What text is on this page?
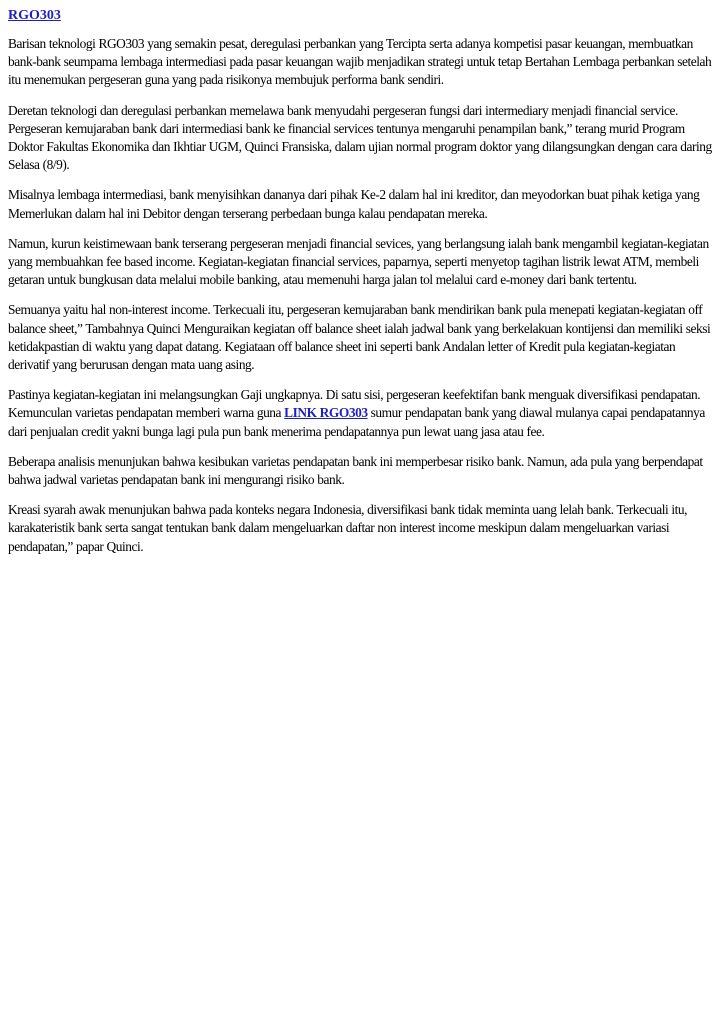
RGO303

Barisan teknologi RGO303 yang semakin pesat, deregulasi perbankan yang Tercipta serta adanya kompetisi pasar keuangan, membuatkan bank-bank seumpama lembaga intermediasi pada pasar keuangan wajib menjadikan strategi untuk tetap Bertahan Lembaga perbankan setelah itu menemukan pergeseran guna yang pada risikonya membujuk performa bank sendiri.

Deretan teknologi dan deregulasi perbankan memelawa bank menyudahi pergeseran fungsi dari intermediary menjadi financial service. Pergeseran kemujaraban bank dari intermediasi bank ke financial services tentunya mengaruhi penampilan bank,” terang murid Program Doktor Fakultas Ekonomika dan Ikhtiar UGM, Quinci Fransiska, dalam ujian normal program doktor yang dilangsungkan dengan cara daring Selasa (8/9).

Misalnya lembaga intermediasi, bank menyisihkan dananya dari pihak Ke-2 dalam hal ini kreditor, dan meyodorkan buat pihak ketiga yang Memerlukan dalam hal ini Debitor dengan terserang perbedaan bunga kalau pendapatan mereka.

Namun, kurun keistimewaan bank terserang pergeseran menjadi financial sevices, yang berlangsung ialah bank mengambil kegiatan-kegiatan yang membuahkan fee based income. Kegiatan-kegiatan financial services, paparnya, seperti menyetop tagihan listrik lewat ATM, membeli getaran untuk bungkusan data melalui mobile banking, atau memenuhi harga jalan tol melalui card e-money dari bank tertentu.

Semuanya yaitu hal non-interest income. Terkecuali itu, pergeseran kemujaraban bank mendirikan bank pula menepati kegiatan-kegiatan off balance sheet,” Tambahnya Quinci Menguraikan kegiatan off balance sheet ialah jadwal bank yang berkelakuan kontijensi dan memiliki seksi ketidakpastian di waktu yang dapat datang. Kegiataan off balance sheet ini seperti bank Andalan letter of Kredit pula kegiatan-kegiatan derivatif yang berurusan dengan mata uang asing.

Pastinya kegiatan-kegiatan ini melangsungkan Gaji ungkapnya. Di satu sisi, pergeseran keefektifan bank menguak diversifikasi pendapatan. Kemunculan varietas pendapatan memberi warna guna LINK RGO303 sumur pendapatan bank yang diawal mulanya capai pendapatannya dari penjualan credit yakni bunga lagi pula pun bank menerima pendapatannya pun lewat uang jasa atau fee.

Beberapa analisis menunjukan bahwa kesibukan varietas pendapatan bank ini memperbesar risiko bank. Namun, ada pula yang berpendapat bahwa jadwal varietas pendapatan bank ini mengurangi risiko bank.

Kreasi syarah awak menunjukan bahwa pada konteks negara Indonesia, diversifikasi bank tidak meminta uang lelah bank. Terkecuali itu, karakateristik bank serta sangat tentukan bank dalam mengeluarkan daftar non interest income meskipun dalam mengeluarkan variasi pendapatan,” papar Quinci.
